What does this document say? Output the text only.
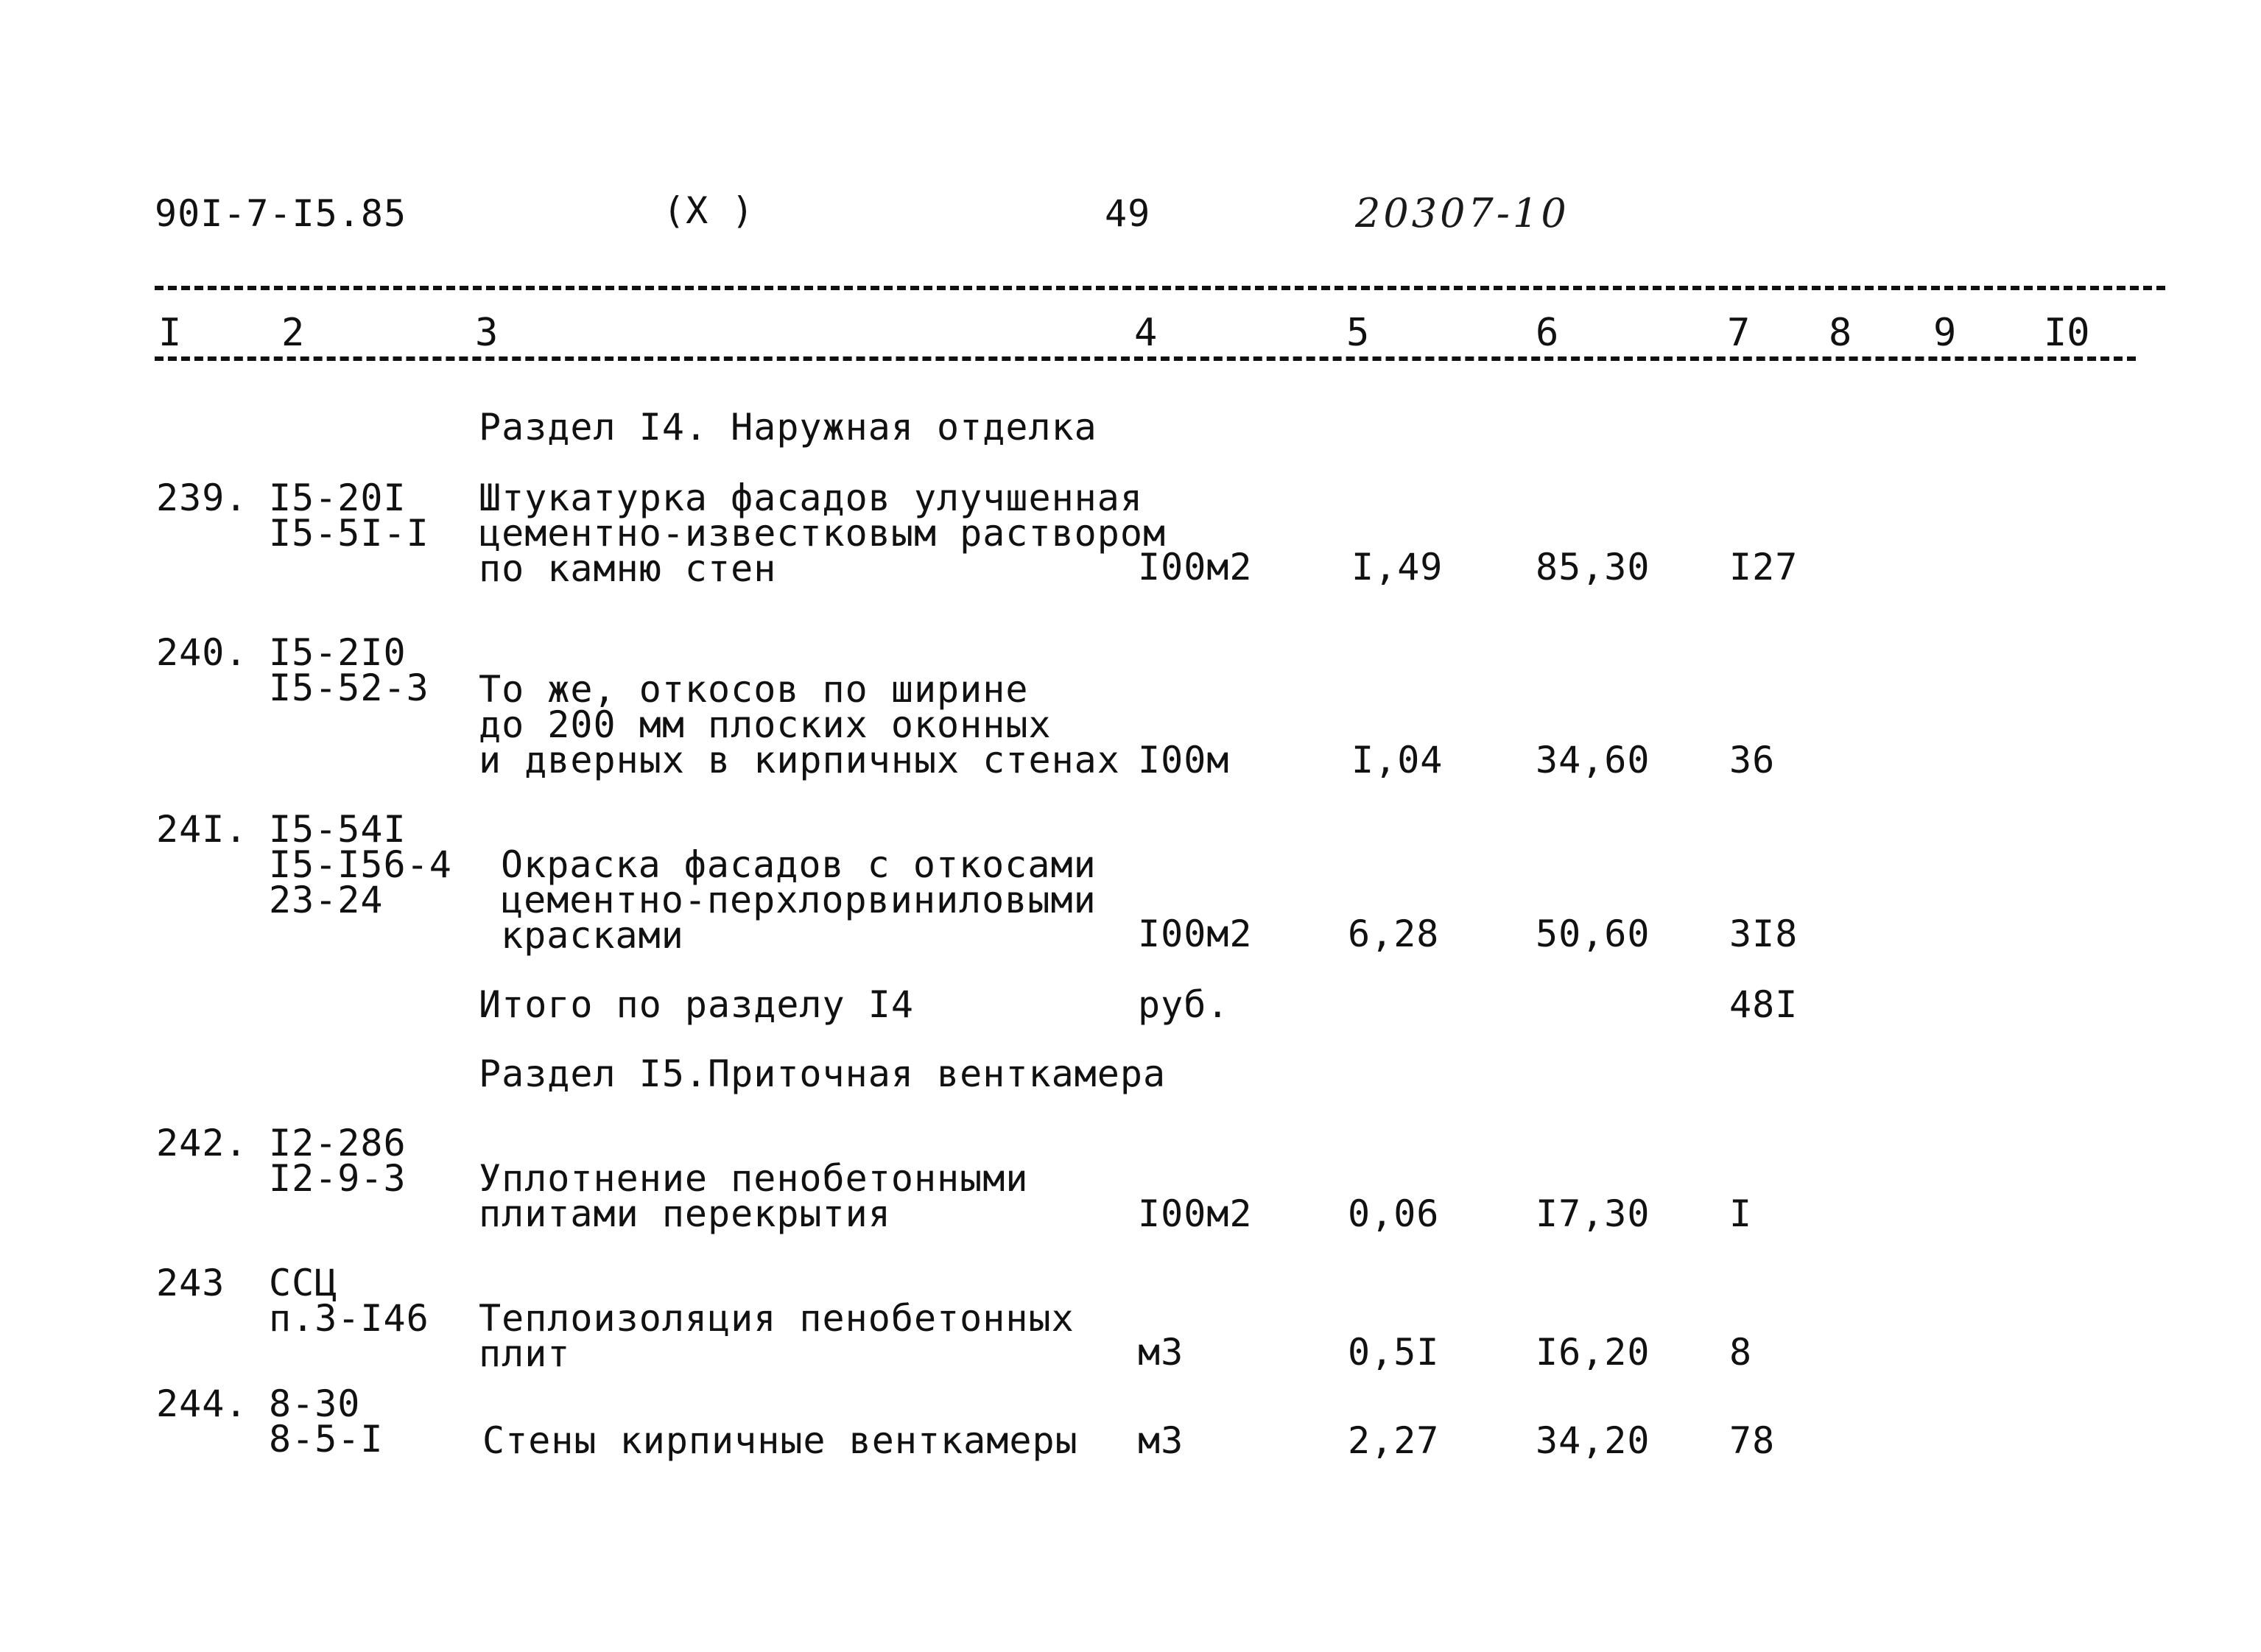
90I-7-I5.85	(X )	49	20307-10
I	2	3	4	5	6	7 8 9 I0
Раздел I4. Наружная отделка
239. I5-20I
I5-5I-I
Штукатурка фасадов улучшенная
цементно-известковым раствором
по камню стен	I00м2	I,49	85,30 I27
240. I5-2I0
I5-52-3 То же, откосов по ширине
до 200 мм плоских оконных
и дверных в кирпичных стенах I00м	I,04	34,60 36
24I. I5-54I
I5-I56-4
23-24
Окраска фасадов с откосами
цементно-перхлорвиниловыми
красками	I00м2	6,28	50,60 3I8
Итого по разделу I4	руб.	48I
Раздел I5.Приточная венткамера
242. I2-286
I2-9-3 Уплотнение пенобетонными
плитами перекрытия	I00м2	0,06	I7,30 I
243 ССЦ
п.3-I46 Теплоизоляция пенобетонных
плит	м3	0,5I	I6,20 8
244. 8-30
8-5-I	Стены кирпичные венткамеры м3	2,27	34,20 78
